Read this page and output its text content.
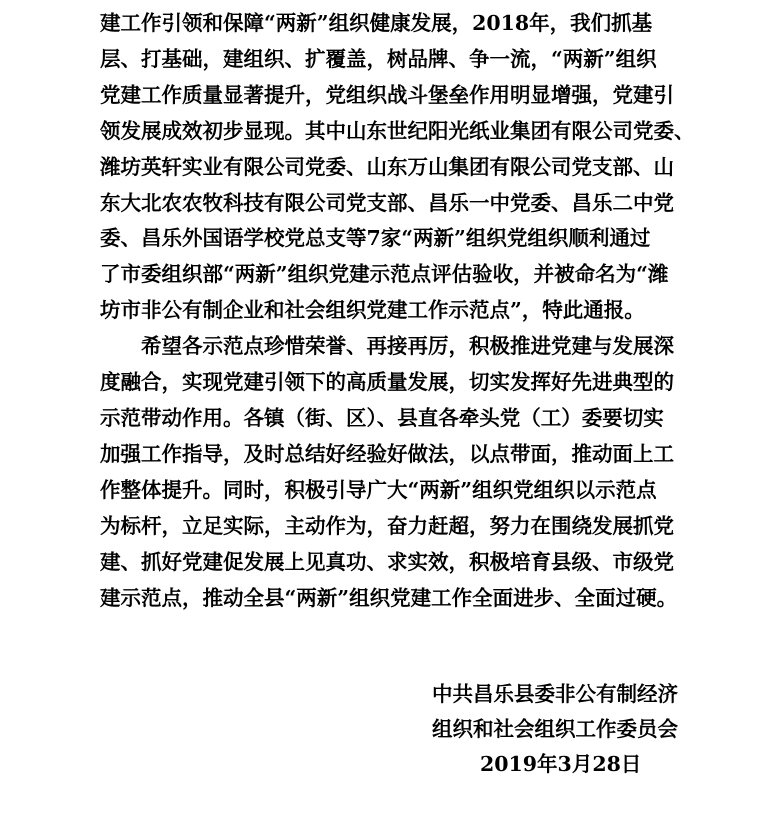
建工作引领和保障“两新”组织健康发展，2018年，我们抓基
层、打基础，建组织、扩覆盖，树品牌、争一流，“两新”组织
党建工作质量显著提升，党组织战斗堡垒作用明显增强，党建引
领发展成效初步显现。其中山东世纪阳光纸业集团有限公司党委、
潍坊英轩实业有限公司党委、山东万山集团有限公司党支部、山
东大北农农牧科技有限公司党支部、昌乐一中党委、昌乐二中党
委、昌乐外国语学校党总支等7家“两新”组织党组织顺利通过
了市委组织部“两新”组织党建示范点评估验收，并被命名为“潍
坊市非公有制企业和社会组织党建工作示范点”，特此通报。
　　希望各示范点珍惜荣誉、再接再厉，积极推进党建与发展深
度融合，实现党建引领下的高质量发展，切实发挥好先进典型的
示范带动作用。各镇（街、区）、县直各牵头党（工）委要切实
加强工作指导，及时总结好经验好做法，以点带面，推动面上工
作整体提升。同时，积极引导广大“两新”组织党组织以示范点
为标杆，立足实际，主动作为，奋力赶超，努力在围绕发展抓党
建、抓好党建促发展上见真功、求实效，积极培育县级、市级党
建示范点，推动全县“两新”组织党建工作全面进步、全面过硬。
中共昌乐县委非公有制经济
组织和社会组织工作委员会
2019年3月28日
